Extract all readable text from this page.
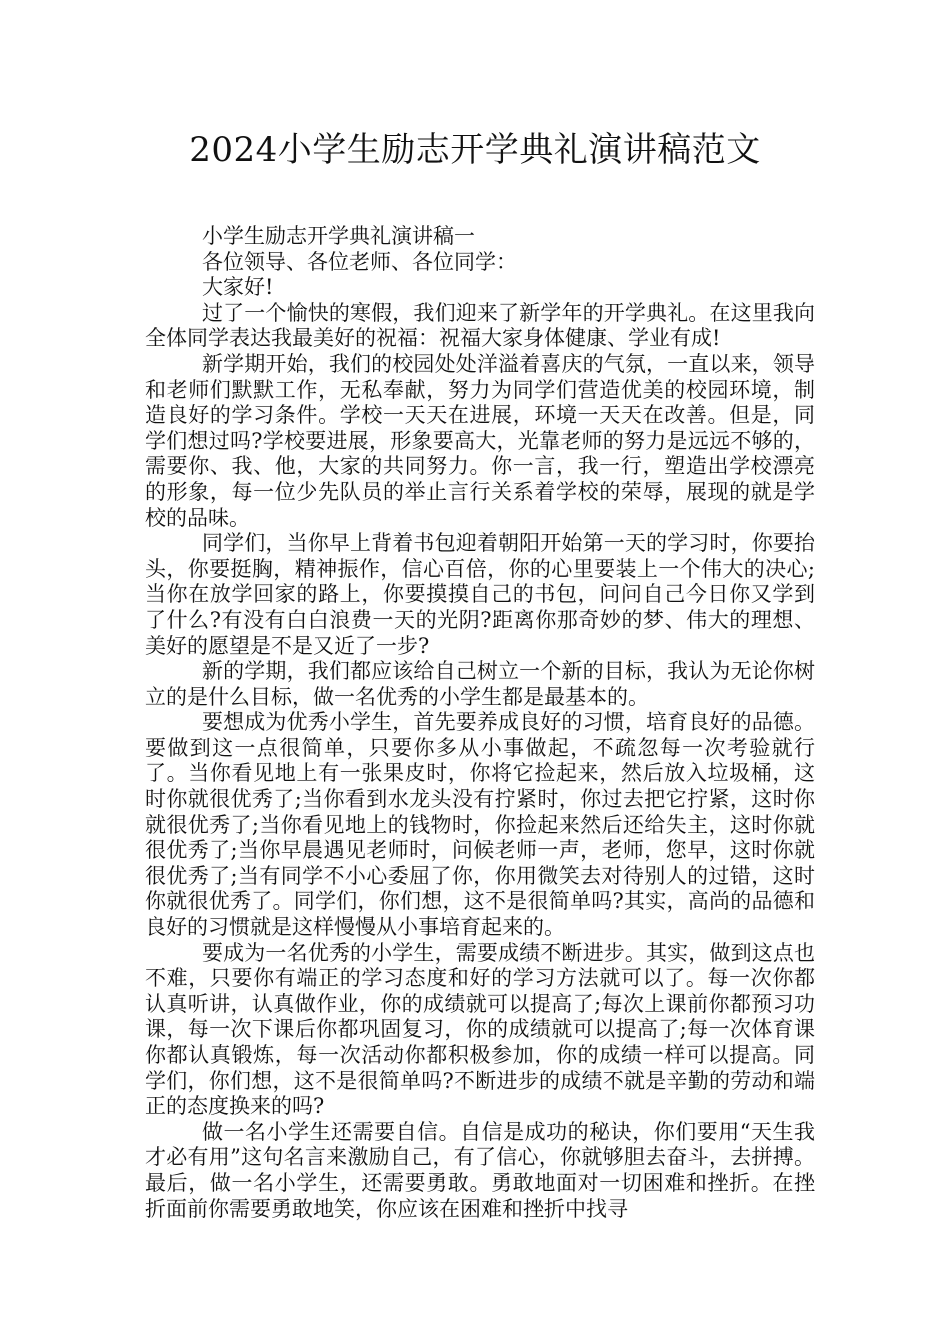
2024小学生励志开学典礼演讲稿范文

小学生励志开学典礼演讲稿一

各位领导、各位老师、各位同学：

大家好!

过了一个愉快的寒假，我们迎来了新学年的开学典礼。在这里我向全体同学表达我最美好的祝福：祝福大家身体健康、学业有成!

新学期开始，我们的校园处处洋溢着喜庆的气氛，一直以来，领导和老师们默默工作，无私奉献，努力为同学们营造优美的校园环境，制造良好的学习条件。学校一天天在进展，环境一天天在改善。但是，同学们想过吗?学校要进展，形象要高大，光靠老师的努力是远远不够的，需要你、我、他，大家的共同努力。你一言，我一行，塑造出学校漂亮的形象，每一位少先队员的举止言行关系着学校的荣辱，展现的就是学校的品味。

同学们，当你早上背着书包迎着朝阳开始第一天的学习时，你要抬头，你要挺胸，精神振作，信心百倍，你的心里要装上一个伟大的决心;当你在放学回家的路上，你要摸摸自己的书包，问问自己今日你又学到了什么?有没有白白浪费一天的光阴?距离你那奇妙的梦、伟大的理想、美好的愿望是不是又近了一步?

新的学期，我们都应该给自己树立一个新的目标，我认为无论你树立的是什么目标，做一名优秀的小学生都是最基本的。

要想成为优秀小学生，首先要养成良好的习惯，培育良好的品德。要做到这一点很简单，只要你多从小事做起，不疏忽每一次考验就行了。当你看见地上有一张果皮时，你将它捡起来，然后放入垃圾桶，这时你就很优秀了;当你看到水龙头没有拧紧时，你过去把它拧紧，这时你就很优秀了;当你看见地上的钱物时，你捡起来然后还给失主，这时你就很优秀了;当你早晨遇见老师时，问候老师一声，老师，您早，这时你就很优秀了;当有同学不小心委屈了你，你用微笑去对待别人的过错，这时你就很优秀了。同学们，你们想，这不是很简单吗?其实，高尚的品德和良好的习惯就是这样慢慢从小事培育起来的。

要成为一名优秀的小学生，需要成绩不断进步。其实，做到这点也不难，只要你有端正的学习态度和好的学习方法就可以了。每一次你都认真听讲，认真做作业，你的成绩就可以提高了;每次上课前你都预习功课，每一次下课后你都巩固复习，你的成绩就可以提高了;每一次体育课你都认真锻炼，每一次活动你都积极参加，你的成绩一样可以提高。同学们，你们想，这不是很简单吗?不断进步的成绩不就是辛勤的劳动和端正的态度换来的吗?

做一名小学生还需要自信。自信是成功的秘诀，你们要用“天生我才必有用”这句名言来激励自己，有了信心，你就够胆去奋斗，去拼搏。最后，做一名小学生，还需要勇敢。勇敢地面对一切困难和挫折。在挫折面前你需要勇敢地笑，你应该在困难和挫折中找寻
